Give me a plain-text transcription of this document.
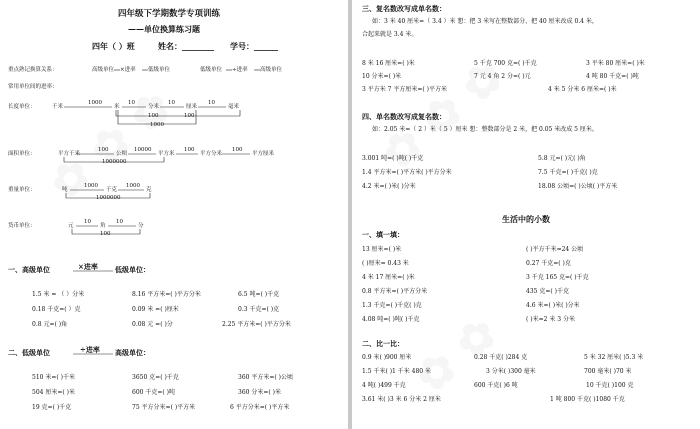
四年级下学期数学专项训练
——单位换算练习题
四年（ ）班	姓名：________ 学号：______
重点熟记换算关系：	高级单位 ×进率 低级单位	低级单位 ÷进率 高级单位
常用单位间的进率：
长度单位：	千米
1000
米
10
分米
10
厘米
10
毫米
100	100
1000
面积单位：	平方千米
100
公顷
10000
平方米
100
平方分米
100
平方厘米
1000000
重量单位：	吨
1000
千克
1000
克
1000000
货币单位：	元
10
角
10
分
100
一、高级单位	×进率 低级单位：
1.5 米 = （ ）分米	8.16 平方米=( )平方分米	6.5 吨=( )千克
0.18 千克=( ）克	0.09 米 =( )厘米	0.3 千克=( )克
0.8 元=( )角	0.08 元 =( )分	2.25 平方米=( )平方分米
二、低级单位	÷进率 高级单位：
510 米=( )千米	3650 克=( )千克	360 平方米=( )公顷
504 厘米=( )米	600 千克=( )吨	360 分米=( )米
19 克=( )千克	75 平方分米=( )平方米	6 平方分米=( )平方米
三、复名数改写成单名数：
如：3 米 40 厘米=（ 3.4 ）米 想：把 3 米写在整数部分，把 40 厘米改成 0.4 米，
合起来就是 3.4 米。
8 米 16 厘米=( )米	5 千克 700 克=( )千克	3 平米 80 厘米=( )米
10 分米=( )米	7 元 4 角 2 分=( )元	4 吨 80 千克=( )吨
3 平方米 7 平方厘米=( )平方米	4 米 5 分米 6 厘米=( )米
四、单名数改写成复名数：
如：2.05 米=（ 2 ）米（ 5 ）厘米 想：整数部分是 2 米，把 0.05 米改成 5 厘米。
3.001 吨=( )吨( )千克	5.8 元=( )元( )角
1.4 平方米=( )平方米( )平方分米	7.5 千克=( )千克( )克
4.2 米=( )米( )分米	18.08 公顷=( )公顷( )平方米
生活中的小数
一、填一填：
13 厘米=( )米	( )平方千米=24 公顷
( )厘米= 0.43 米	0.27 千克=( )克
4 米 17 厘米=( )米	3 千克 165 克=( )千克
0.8 平方米=( )平方分米	435 克=( )千克
1.3 千克=( )千克( )克	4.6 米=( )米( )分米
4.08 吨=( )吨( )千克	( )米=2 米 3 分米
二、比一比：
0.9 米( )900 厘米	0.28 千克( )284 克	5 米 32 厘米( )5.3 米
1.5 千米( )1 千米 480 米	3 分米( )300 毫米	700 毫米( )70 米
4 吨( )499 千克	600 千克( )6 吨	10 千克( )100 克
3.61 米( )3 米 6 分米 2 厘米	1 吨 800 千克( )1080 千克
